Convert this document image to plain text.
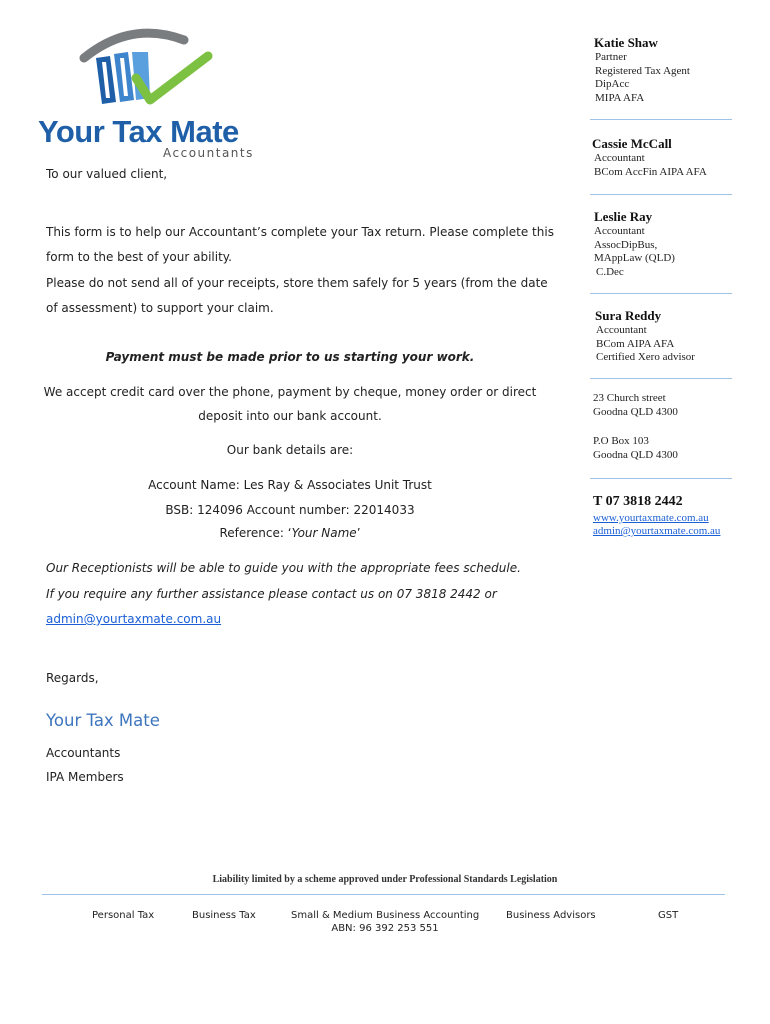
Your Tax Mate
Accountants
Katie Shaw
Partner
Registered Tax Agent
DipAcc
MIPA AFA
Cassie McCall
Accountant
BCom AccFin AIPA AFA
Leslie Ray
Accountant
AssocDipBus,
MAppLaw (QLD)
C.Dec
Sura Reddy
Accountant
BCom AIPA AFA
Certified Xero advisor
23 Church street
Goodna QLD 4300
P.O Box 103
Goodna QLD 4300
T 07 3818 2442
www.yourtaxmate.com.au
admin@yourtaxmate.com.au
To our valued client,
This form is to help our Accountant’s complete your Tax return. Please complete this
form to the best of your ability.
Please do not send all of your receipts, store them safely for 5 years (from the date
of assessment) to support your claim.
Payment must be made prior to us starting your work.
We accept credit card over the phone, payment by cheque, money order or direct
deposit into our bank account.
Our bank details are:
Account Name: Les Ray & Associates Unit Trust
BSB: 124096 Account number: 22014033
Reference: ‘Your Name’
Our Receptionists will be able to guide you with the appropriate fees schedule.
If you require any further assistance please contact us on 07 3818 2442 or
admin@yourtaxmate.com.au
Regards,
Your Tax Mate
Accountants
IPA Members
Liability limited by a scheme approved under Professional Standards Legislation
Personal Tax	Business Tax	Small & Medium Business Accounting	Business Advisors	GST
ABN: 96 392 253 551
